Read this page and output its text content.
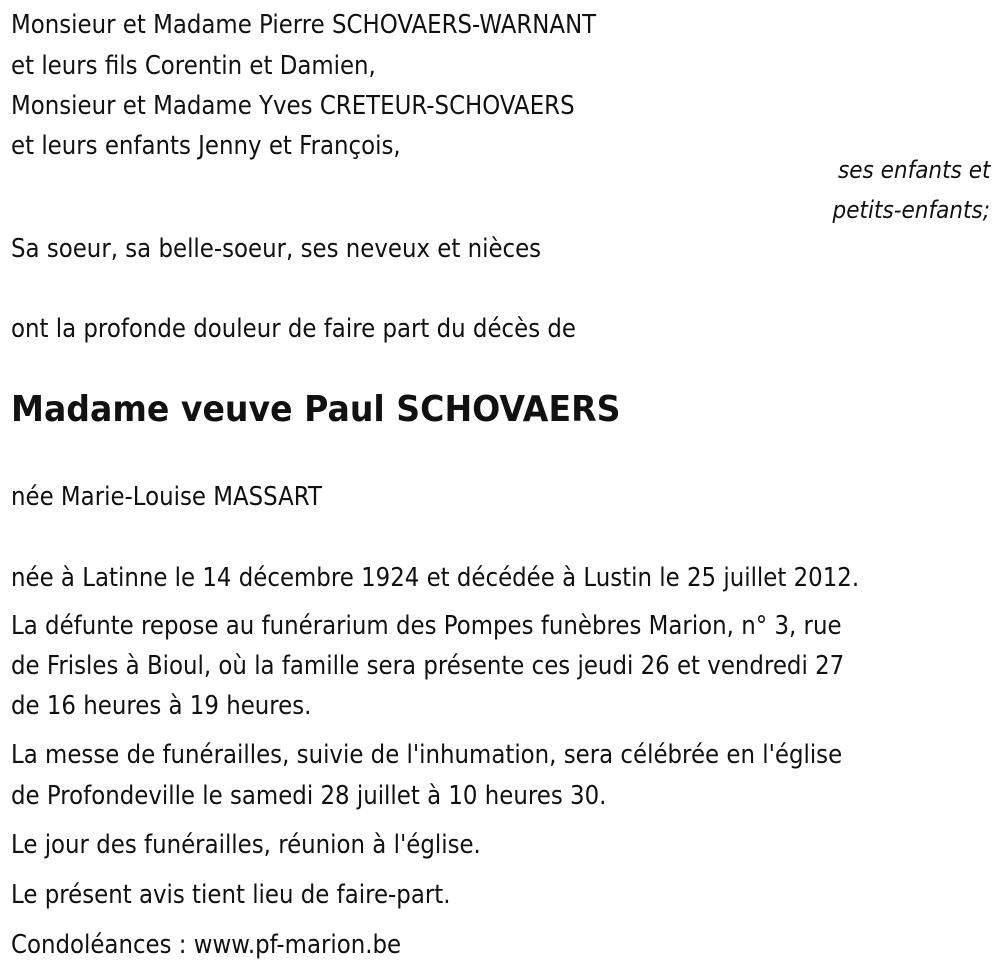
Monsieur et Madame Pierre SCHOVAERS-WARNANT
et leurs fils Corentin et Damien,
Monsieur et Madame Yves CRETEUR-SCHOVAERS
et leurs enfants Jenny et François,
ses enfants et
petits-enfants;
Sa soeur, sa belle-soeur, ses neveux et nièces
ont la profonde douleur de faire part du décès de
Madame veuve Paul SCHOVAERS
née Marie-Louise MASSART
née à Latinne le 14 décembre 1924 et décédée à Lustin le 25 juillet 2012.
La défunte repose au funérarium des Pompes funèbres Marion, n° 3, rue
de Frisles à Bioul, où la famille sera présente ces jeudi 26 et vendredi 27
de 16 heures à 19 heures.
La messe de funérailles, suivie de l'inhumation, sera célébrée en l'église
de Profondeville le samedi 28 juillet à 10 heures 30.
Le jour des funérailles, réunion à l'église.
Le présent avis tient lieu de faire-part.
Condoléances : www.pf-marion.be
